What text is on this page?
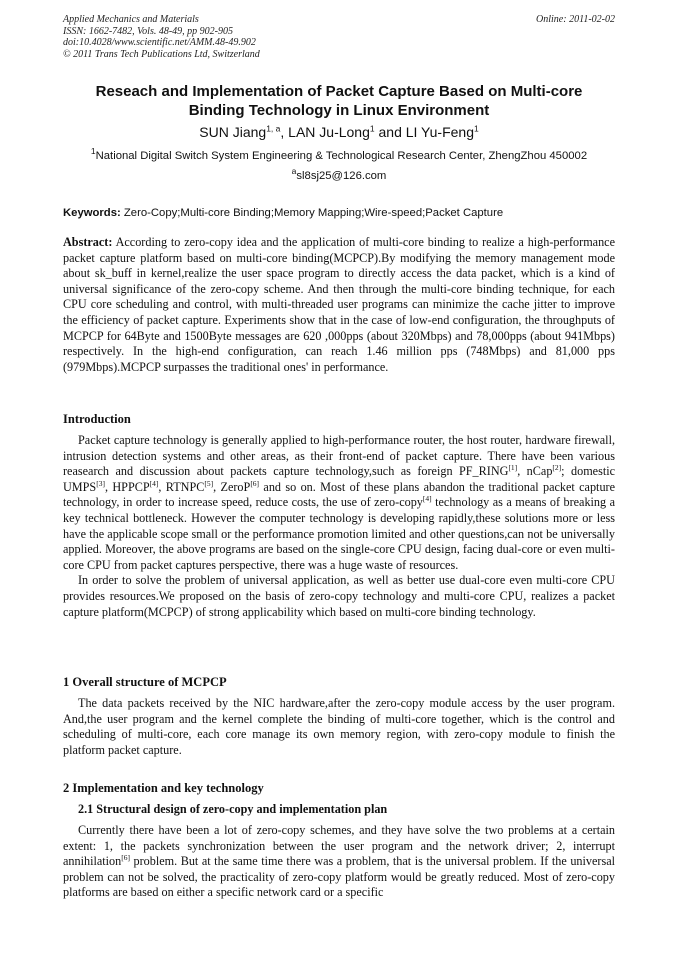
Applied Mechanics and Materials
ISSN: 1662-7482, Vols. 48-49, pp 902-905
doi:10.4028/www.scientific.net/AMM.48-49.902
© 2011 Trans Tech Publications Ltd, Switzerland
Online: 2011-02-02
Reseach and Implementation of Packet Capture Based on Multi-core
Binding Technology in Linux Environment
SUN Jiang$^{1, a}$, LAN Ju-Long$^1$ and LI Yu-Feng$^1$
$^1$National Digital Switch System Engineering & Technological Research Center, ZhengZhou 450002
$^a$sl8sj25@126.com
Keywords: Zero-Copy;Multi-core Binding;Memory Mapping;Wire-speed;Packet Capture
Abstract: According to zero-copy idea and the application of multi-core binding to realize a high-performance packet capture platform based on multi-core binding(MCPCP).By modifying the memory management mode about sk_buff in kernel,realize the user space program to directly access the data packet, which is a kind of universal significance of the zero-copy scheme. And then through the multi-core binding technique, for each CPU core scheduling and control, with multi-threaded user programs can minimize the cache jitter to improve the efficiency of packet capture. Experiments show that in the case of low-end configuration, the throughputs of MCPCP for 64Byte and 1500Byte messages are 620 ,000pps (about 320Mbps) and 78,000pps (about 941Mbps) respectively. In the high-end configuration, can reach 1.46 million pps (748Mbps) and 81,000 pps (979Mbps).MCPCP surpasses the traditional ones' in performance.
Introduction

Packet capture technology is generally applied to high-performance router, the host router, hardware firewall, intrusion detection systems and other areas, as their front-end of packet capture. There have been various reasearch and discussion about packets capture technology,such as foreign PF_RING[1], nCap[2]; domestic UMPS[3], HPPCP[4], RTNPC[5], ZeroP[6] and so on. Most of these plans abandon the traditional packet capture technology, in order to increase speed, reduce costs, the use of zero-copy[4] technology as a means of breaking a key technical bottleneck. However the computer technology is developing rapidly,these solutions more or less have the applicable scope small or the performance promotion limited and other questions,can not be universally applied. Moreover, the above programs are based on the single-core CPU design, facing dual-core or even multi-core CPU from packet captures perspective, there was a huge waste of resources.

In order to solve the problem of universal application, as well as better use dual-core even multi-core CPU provides resources.We proposed on the basis of zero-copy technology and multi-core CPU, realizes a packet capture platform(MCPCP) of strong applicability which based on multi-core binding technology.

1 Overall structure of MCPCP

The data packets received by the NIC hardware,after the zero-copy module access by the user program. And,the user program and the kernel complete the binding of multi-core together, which is the control and scheduling of multi-core, each core manage its own memory region, with zero-copy module to finish the platform packet capture.

2 Implementation and key technology
2.1 Structural design of zero-copy and implementation plan

Currently there have been a lot of zero-copy schemes, and they have solve the two problems at a certain extent: 1, the packets synchronization between the user program and the network driver; 2, interrupt annihilation[6] problem. But at the same time there was a problem, that is the universal problem. If the universal problem can not be solved, the practicality of zero-copy platform would be greatly reduced. Most of zero-copy platforms are based on either a specific network card or a specific
